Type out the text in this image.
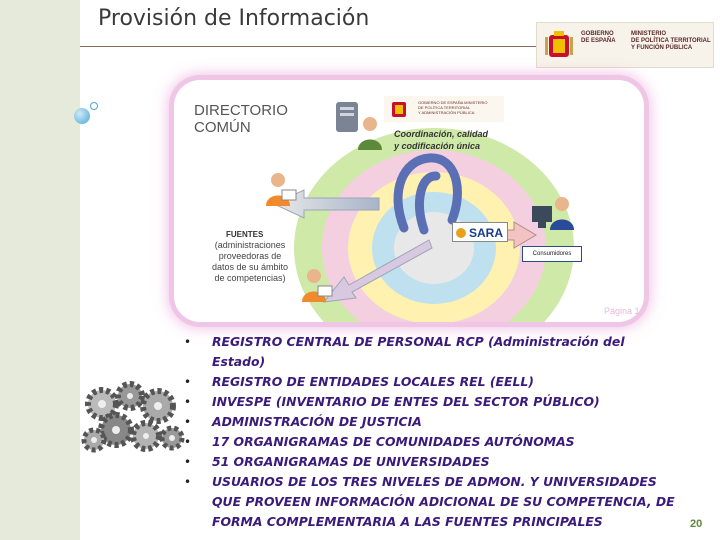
Provisión de Información
GOBIERNO
DE ESPAÑA
MINISTERIO
DE POLÍTICA TERRITORIAL
Y FUNCIÓN PÚBLICA
DIRECTORIO
COMÚN
GOBIERNO DE ESPAÑA MINISTERIO
DE POLÍTICA TERRITORIAL
Y ADMINISTRACIÓN PÚBLICA
Coordinación, calidad
y codificación única
FUENTES
(administraciones
proveedoras de
datos de su ámbito
de competencias)
SARA
Consumidores
Página 1
• REGISTRO CENTRAL DE PERSONAL RCP (Administración del Estado)
• REGISTRO DE ENTIDADES LOCALES REL (EELL)
• INVESPE (INVENTARIO DE ENTES DEL SECTOR PÚBLICO)
• ADMINISTRACIÓN DE JUSTICIA
• 17 ORGANIGRAMAS DE COMUNIDADES AUTÓNOMAS
• 51 ORGANIGRAMAS DE UNIVERSIDADES
• USUARIOS DE LOS TRES NIVELES DE ADMON. Y UNIVERSIDADES QUE PROVEEN INFORMACIÓN ADICIONAL DE SU COMPETENCIA, DE FORMA COMPLEMENTARIA A LAS FUENTES PRINCIPALES	20
